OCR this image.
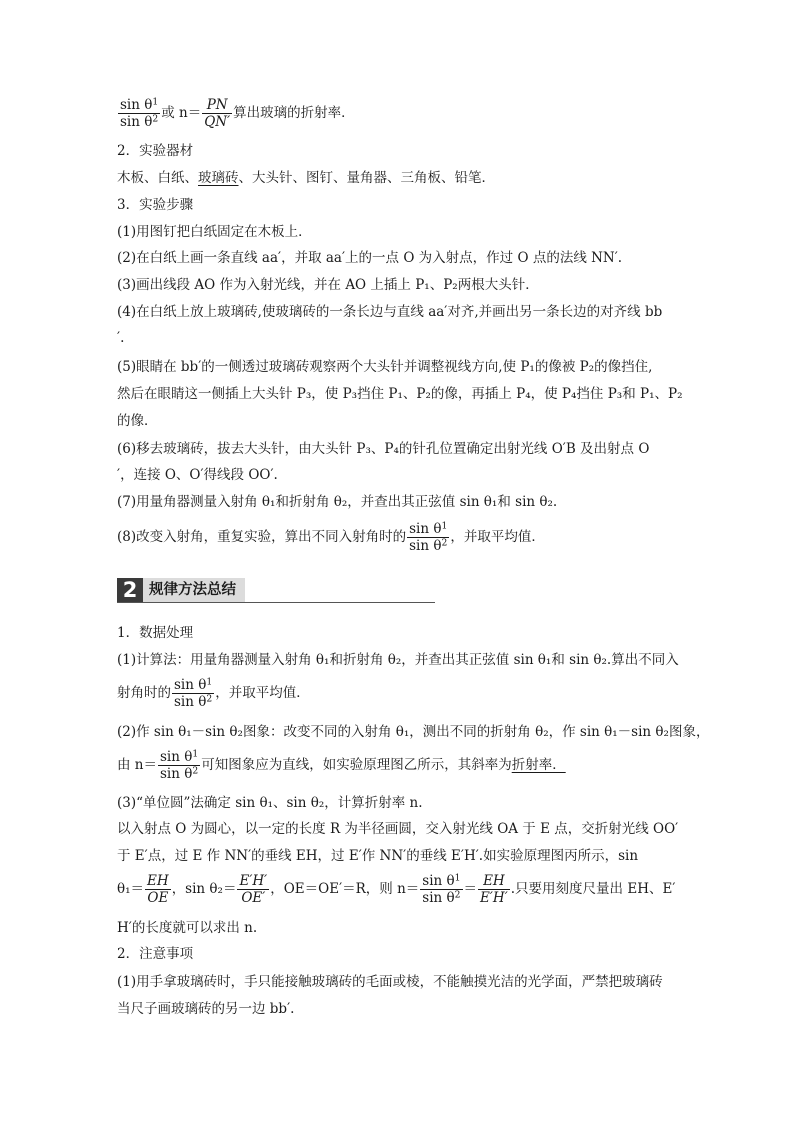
$\frac{\sin \theta^1}{\sin \theta^2}$ 或 $n= \frac{PN}{QN'}$ 算出玻璃的折射率．
2．实验器材
木板、白纸、玻璃砖、大头针、图钉、量角器、三角板、铅笔．
3．实验步骤
(1)用图钉把白纸固定在木板上．
(2)在白纸上画一条直线 aa′，并取 aa′上的一点 O 为入射点，作过 O 点的法线 NN′.
(3)画出线段 AO 作为入射光线，并在 AO 上插上 P₁、P₂两根大头针．
(4)在白纸上放上玻璃砖,使玻璃砖的一条长边与直线 aa′对齐,并画出另一条长边的对齐线 bb
′.
(5)眼睛在 bb′的一侧透过玻璃砖观察两个大头针并调整视线方向,使 P₁的像被 P₂的像挡住,
然后在眼睛这一侧插上大头针 P₃，使 P₃挡住 P₁、P₂的像，再插上 P₄，使 P₄挡住 P₃和 P₁、P₂
的像．
(6)移去玻璃砖，拔去大头针，由大头针 P₃、P₄的针孔位置确定出射光线 O′B 及出射点 O
′，连接 O、O′得线段 OO′.
(7)用量角器测量入射角 θ₁和折射角 θ₂，并查出其正弦值 sin θ₁和 sin θ₂.
(8)改变入射角，重复实验，算出不同入射角时的 $\frac{\sin \theta^1}{\sin \theta^2}$ ，并取平均值．
2 规律方法总结
1．数据处理
(1)计算法：用量角器测量入射角 θ₁和折射角 θ₂，并查出其正弦值 sin θ₁和 sin θ₂.算出不同入
射角时的 $\frac{\sin \theta^1}{\sin \theta^2}$ ，并取平均值．
(2)作 sin θ₁－sin θ₂图象：改变不同的入射角 θ₁，测出不同的折射角 θ₂，作 sin θ₁－sin θ₂图象，
由 $n= \frac{\sin \theta^1}{\sin \theta^2}$ 可知图象应为直线，如实验原理图乙所示，其斜率为折射率．
(3)“单位圆”法确定 sin θ₁、sin θ₂，计算折射率 n.
以入射点 O 为圆心，以一定的长度 R 为半径画圆，交入射光线 OA 于 E 点，交折射光线 OO′
于 E′点，过 E 作 NN′的垂线 EH，过 E′作 NN′的垂线 E′H′.如实验原理图丙所示，sin
$\theta_1= \frac{EH}{OE}$ ，$\sin \theta_2= \frac{E'H'}{OE'}$ ，OE＝OE′＝R，则 $n= \frac{\sin \theta^1}{\sin \theta^2} = \frac{EH}{E'H'}$ .只要用刻度尺量出 EH、E′
H′的长度就可以求出 n.
2．注意事项
(1)用手拿玻璃砖时，手只能接触玻璃砖的毛面或棱，不能触摸光洁的光学面，严禁把玻璃砖
当尺子画玻璃砖的另一边 bb′.
